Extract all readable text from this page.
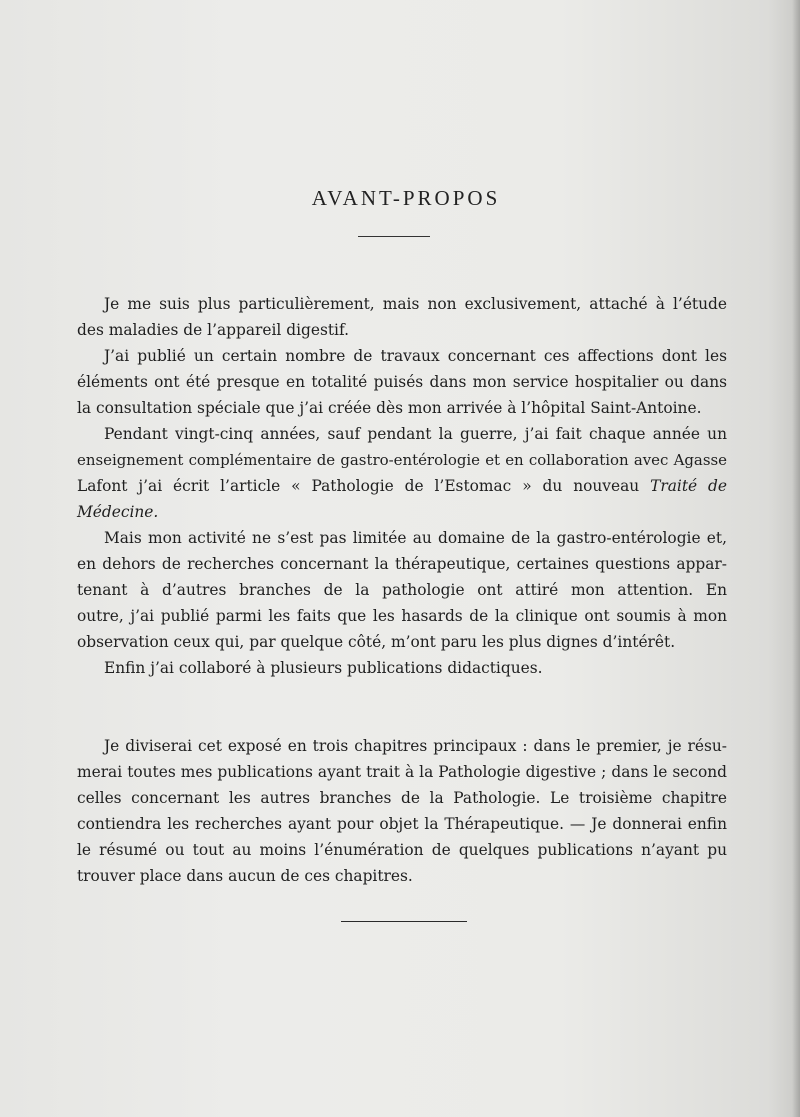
AVANT-PROPOS
Je me suis plus particulièrement, mais non exclusivement, attaché à l’étude
des maladies de l’appareil digestif.
J’ai publié un certain nombre de travaux concernant ces affections dont les
éléments ont été presque en totalité puisés dans mon service hospitalier ou dans
la consultation spéciale que j’ai créée dès mon arrivée à l’hôpital Saint-Antoine.
Pendant vingt-cinq années, sauf pendant la guerre, j’ai fait chaque année un
enseignement complémentaire de gastro-entérologie et en collaboration avec Agasse
Lafont j’ai écrit l’article « Pathologie de l’Estomac » du nouveau Traité de
Médecine.
Mais mon activité ne s’est pas limitée au domaine de la gastro-entérologie et,
en dehors de recherches concernant la thérapeutique, certaines questions appar-
tenant à d’autres branches de la pathologie ont attiré mon attention. En
outre, j’ai publié parmi les faits que les hasards de la clinique ont soumis à mon
observation ceux qui, par quelque côté, m’ont paru les plus dignes d’intérêt.
Enfin j’ai collaboré à plusieurs publications didactiques.
Je diviserai cet exposé en trois chapitres principaux : dans le premier, je résu-
merai toutes mes publications ayant trait à la Pathologie digestive ; dans le second
celles concernant les autres branches de la Pathologie. Le troisième chapitre
contiendra les recherches ayant pour objet la Thérapeutique. — Je donnerai enfin
le résumé ou tout au moins l’énumération de quelques publications n’ayant pu
trouver place dans aucun de ces chapitres.
